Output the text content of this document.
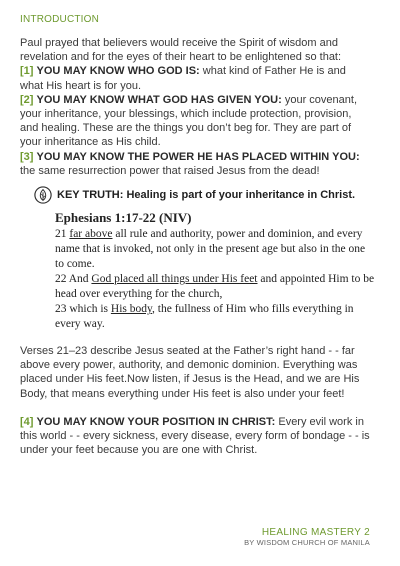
INTRODUCTION

Paul prayed that believers would receive the Spirit of wisdom and revelation and for the eyes of their heart to be enlightened so that:
[1] YOU MAY KNOW WHO GOD IS: what kind of Father He is and what His heart is for you.
[2] YOU MAY KNOW WHAT GOD HAS GIVEN YOU: your covenant, your inheritance, your blessings, which include protection, provision, and healing. These are the things you don’t beg for. They are part of your inheritance as His child.
[3] YOU MAY KNOW THE POWER HE HAS PLACED WITHIN YOU: the same resurrection power that raised Jesus from the dead!

KEY TRUTH: Healing is part of your inheritance in Christ.
Ephesians 1:17-22 (NIV)

21 far above all rule and authority, power and dominion, and every name that is invoked, not only in the present age but also in the one to come.

22 And God placed all things under His feet and appointed Him to be head over everything for the church,

23 which is His body, the fullness of Him who fills everything in every way.

Verses 21–23 describe Jesus seated at the Father’s right hand - - far above every power, authority, and demonic dominion. Everything was placed under His feet.Now listen, if Jesus is the Head, and we are His Body, that means everything under His feet is also under your feet!

[4] YOU MAY KNOW YOUR POSITION IN CHRIST: Every evil work in this world - - every sickness, every disease, every form of bondage - - is under your feet because you are one with Christ.

HEALING MASTERY 2
BY WISDOM CHURCH OF MANILA
